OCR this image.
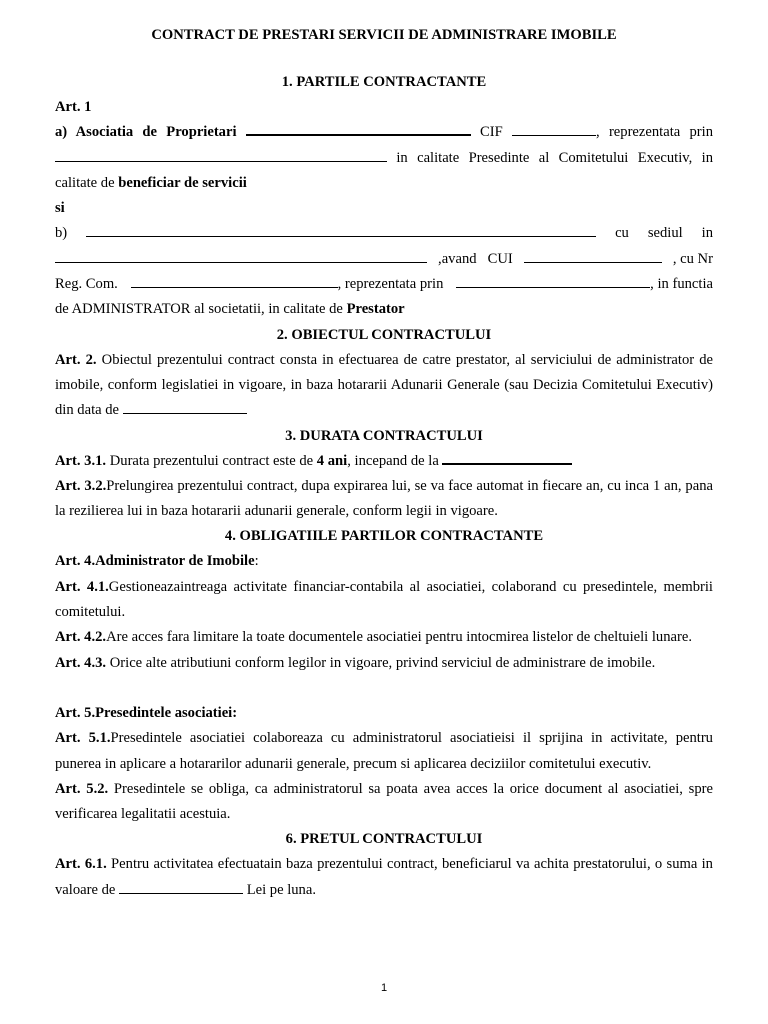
CONTRACT DE PRESTARI SERVICII DE ADMINISTRARE IMOBILE
1. PARTILE CONTRACTANTE
Art. 1
a) Asociatia de Proprietari	CIF	, reprezentata prin
in calitate Presedinte al Comitetului Executiv, in
calitate de beneficiar de servicii
si
b)	cu sediul in
,avand CUI	, cu Nr
Reg. Com.	, reprezentata prin	, in functia
de ADMINISTRATOR al societatii, in calitate de Prestator
2. OBIECTUL CONTRACTULUI
Art. 2. Obiectul prezentului contract consta in efectuarea de catre prestator, al serviciului de administrator de imobile, conform legislatiei in vigoare, in baza hotararii Adunarii Generale (sau Decizia Comitetului Executiv) din data de
3. DURATA CONTRACTULUI
Art. 3.1. Durata prezentului contract este de 4 ani, incepand de la
Art. 3.2.Prelungirea prezentului contract, dupa expirarea lui, se va face automat in fiecare an, cu inca 1 an, pana la rezilierea lui in baza hotararii adunarii generale, conform legii in vigoare.
4. OBLIGATIILE PARTILOR CONTRACTANTE
Art. 4.Administrator de Imobile:
Art. 4.1.Gestioneazaintreaga activitate financiar-contabila al asociatiei, colaborand cu presedintele, membrii comitetului.
Art. 4.2.Are acces fara limitare la toate documentele asociatiei pentru intocmirea listelor de cheltuieli lunare.
Art. 4.3. Orice alte atributiuni conform legilor in vigoare, privind serviciul de administrare de imobile.
Art. 5.Presedintele asociatiei:
Art. 5.1.Presedintele asociatiei colaboreaza cu administratorul asociatieisi il sprijina in activitate, pentru punerea in aplicare a hotararilor adunarii generale, precum si aplicarea deciziilor comitetului executiv.
Art. 5.2. Presedintele se obliga, ca administratorul sa poata avea acces la orice document al asociatiei, spre verificarea legalitatii acestuia.
6. PRETUL CONTRACTULUI
Art. 6.1. Pentru activitatea efectuatain baza prezentului contract, beneficiarul va achita prestatorului, o suma in valoare de	Lei pe luna.
1
